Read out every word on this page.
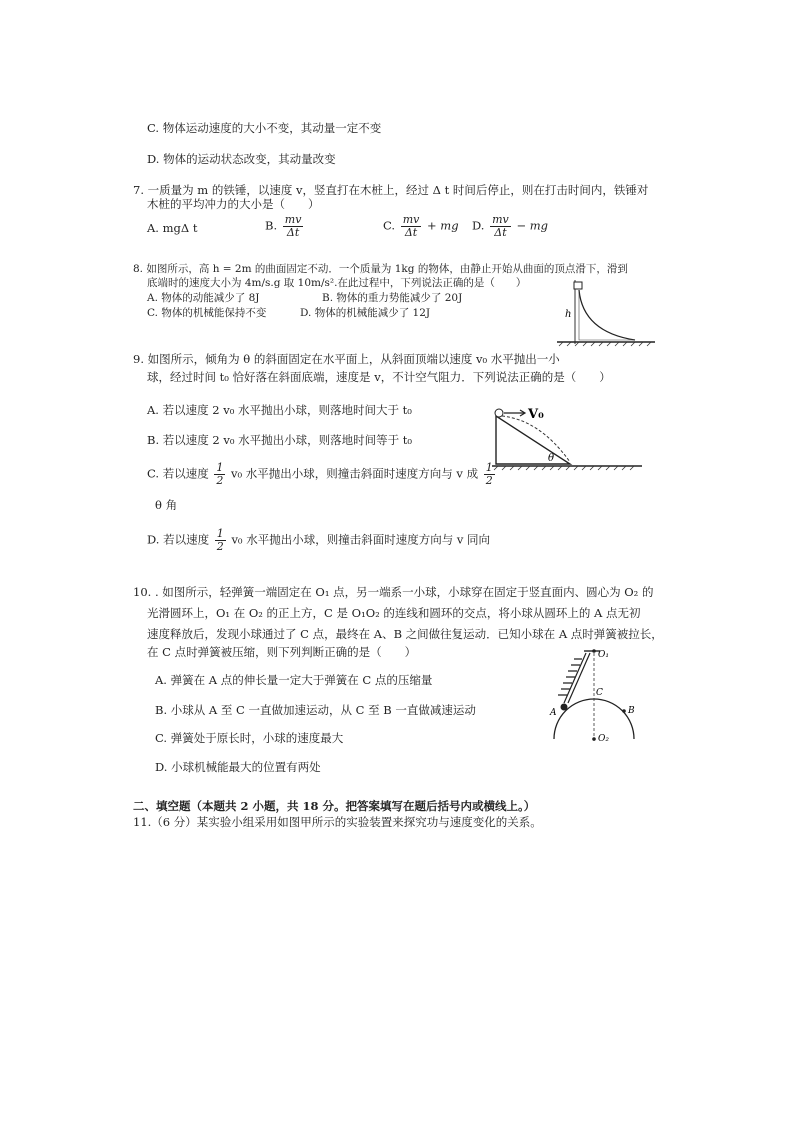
C. 物体运动速度的大小不变，其动量一定不变
D. 物体的运动状态改变，其动量改变
7. 一质量为 m 的铁锤，以速度 v，竖直打在木桩上，经过 Δ t 时间后停止，则在打击时间内，铁锤对
木桩的平均冲力的大小是（　　）
A. mgΔ t	B. $\frac{mv}{\Delta t}$	C. $\frac{mv}{\Delta t}$ + mg D. $\frac{mv}{\Delta t}$ − mg
8. 如图所示，高 h = 2m 的曲面固定不动．一个质量为 1kg 的物体，由静止开始从曲面的顶点滑下，滑到
底端时的速度大小为 4m/s.g 取 10m/s².在此过程中，下列说法正确的是（　　）
A. 物体的动能减少了 8J	B. 物体的重力势能减少了 20J
C. 物体的机械能保持不变	D. 物体的机械能减少了 12J	h
9. 如图所示，倾角为 θ 的斜面固定在水平面上，从斜面顶端以速度 v₀ 水平抛出一小
球，经过时间 t₀ 恰好落在斜面底端，速度是 v，不计空气阻力．下列说法正确的是（　　）
A. 若以速度 2 v₀ 水平抛出小球，则落地时间大于 t₀
B. 若以速度 2 v₀ 水平抛出小球，则落地时间等于 t₀
C. 若以速度 $\frac{1}{2} v_0$ 水平抛出小球，则撞击斜面时速度方向与 v 成 $\frac{1}{2}$
θ 角
D. 若以速度 $\frac{1}{2} v_0$ 水平抛出小球，则撞击斜面时速度方向与 v 同向
V₀
θ
10. . 如图所示，轻弹簧一端固定在 O₁ 点，另一端系一小球，小球穿在固定于竖直面内、圆心为 O₂ 的
光滑圆环上，O₁ 在 O₂ 的正上方，C 是 O₁O₂ 的连线和圆环的交点，将小球从圆环上的 A 点无初
速度释放后，发现小球通过了 C 点，最终在 A、B 之间做往复运动．已知小球在 A 点时弹簧被拉长，
在 C 点时弹簧被压缩，则下列判断正确的是（　　）
A. 弹簧在 A 点的伸长量一定大于弹簧在 C 点的压缩量
B. 小球从 A 至 C 一直做加速运动，从 C 至 B 一直做减速运动
C. 弹簧处于原长时，小球的速度最大
D. 小球机械能最大的位置有两处
O₁
O₂
C
A	B
二、填空题（本题共 2 小题，共 18 分。把答案填写在题后括号内或横线上。）
11.（6 分）某实验小组采用如图甲所示的实验装置来探究功与速度变化的关系。
